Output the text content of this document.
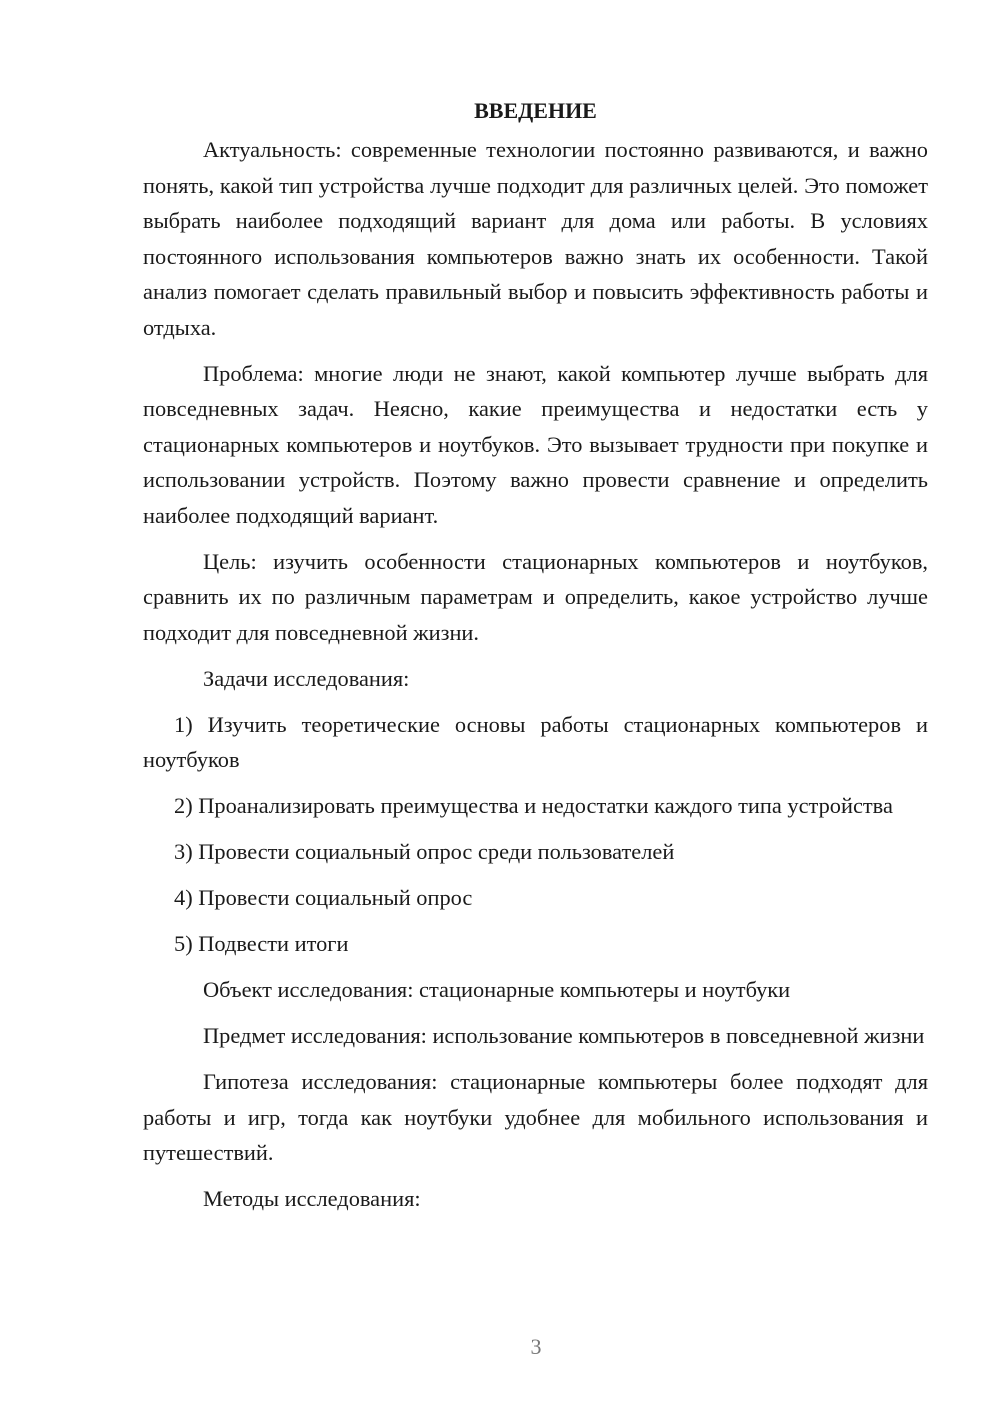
ВВЕДЕНИЕ

Актуальность: современные технологии постоянно развиваются, и важно понять, какой тип устройства лучше подходит для различных целей. Это поможет выбрать наиболее подходящий вариант для дома или работы. В условиях постоянного использования компьютеров важно знать их особенности. Такой анализ помогает сделать правильный выбор и повысить эффективность работы и отдыха.

Проблема: многие люди не знают, какой компьютер лучше выбрать для повседневных задач. Неясно, какие преимущества и недостатки есть у стационарных компьютеров и ноутбуков. Это вызывает трудности при покупке и использовании устройств. Поэтому важно провести сравнение и определить наиболее подходящий вариант.

Цель: изучить особенности стационарных компьютеров и ноутбуков, сравнить их по различным параметрам и определить, какое устройство лучше подходит для повседневной жизни.

Задачи исследования:

1) Изучить теоретические основы работы стационарных компьютеров и ноутбуков

2) Проанализировать преимущества и недостатки каждого типа устройства

3) Провести социальный опрос среди пользователей

4) Провести социальный опрос

5) Подвести итоги

Объект исследования: стационарные компьютеры и ноутбуки

Предмет исследования: использование компьютеров в повседневной жизни

Гипотеза исследования: стационарные компьютеры более подходят для работы и игр, тогда как ноутбуки удобнее для мобильного использования и путешествий.

Методы исследования:

3
